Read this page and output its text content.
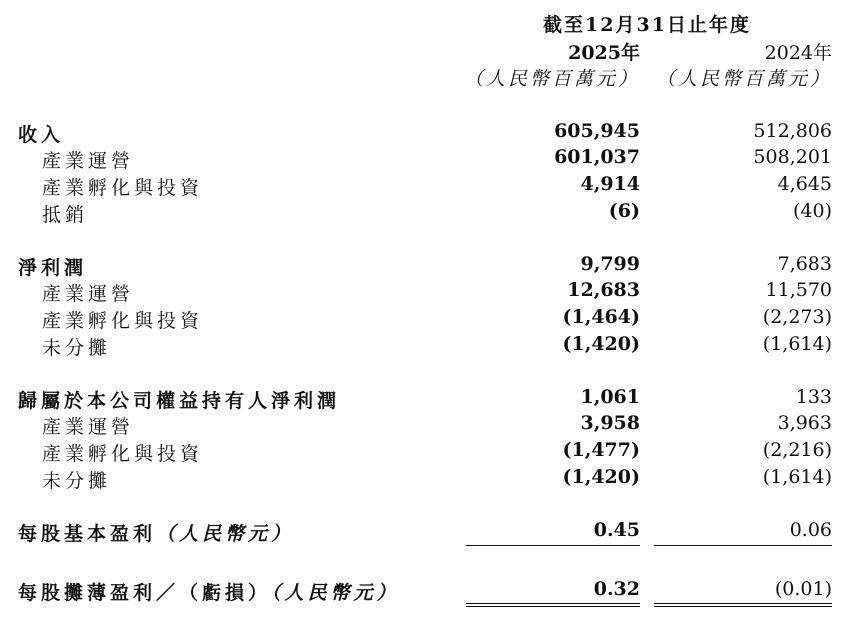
截至12月31日止年度
2025年	2024年
（人民幣百萬元） （人民幣百萬元）
收入	605,945	512,806
產業運營	601,037	508,201
產業孵化與投資	4,914	4,645
抵銷	(6)	(40)
淨利潤	9,799	7,683
產業運營	12,683	11,570
產業孵化與投資	(1,464)	(2,273)
未分攤	(1,420)	(1,614)
歸屬於本公司權益持有人淨利潤	1,061	133
產業運營	3,958	3,963
產業孵化與投資	(1,477)	(2,216)
未分攤	(1,420)	(1,614)
每股基本盈利（人民幣元）	0.45	0.06
每股攤薄盈利／（虧損）（人民幣元）	0.32	(0.01)
